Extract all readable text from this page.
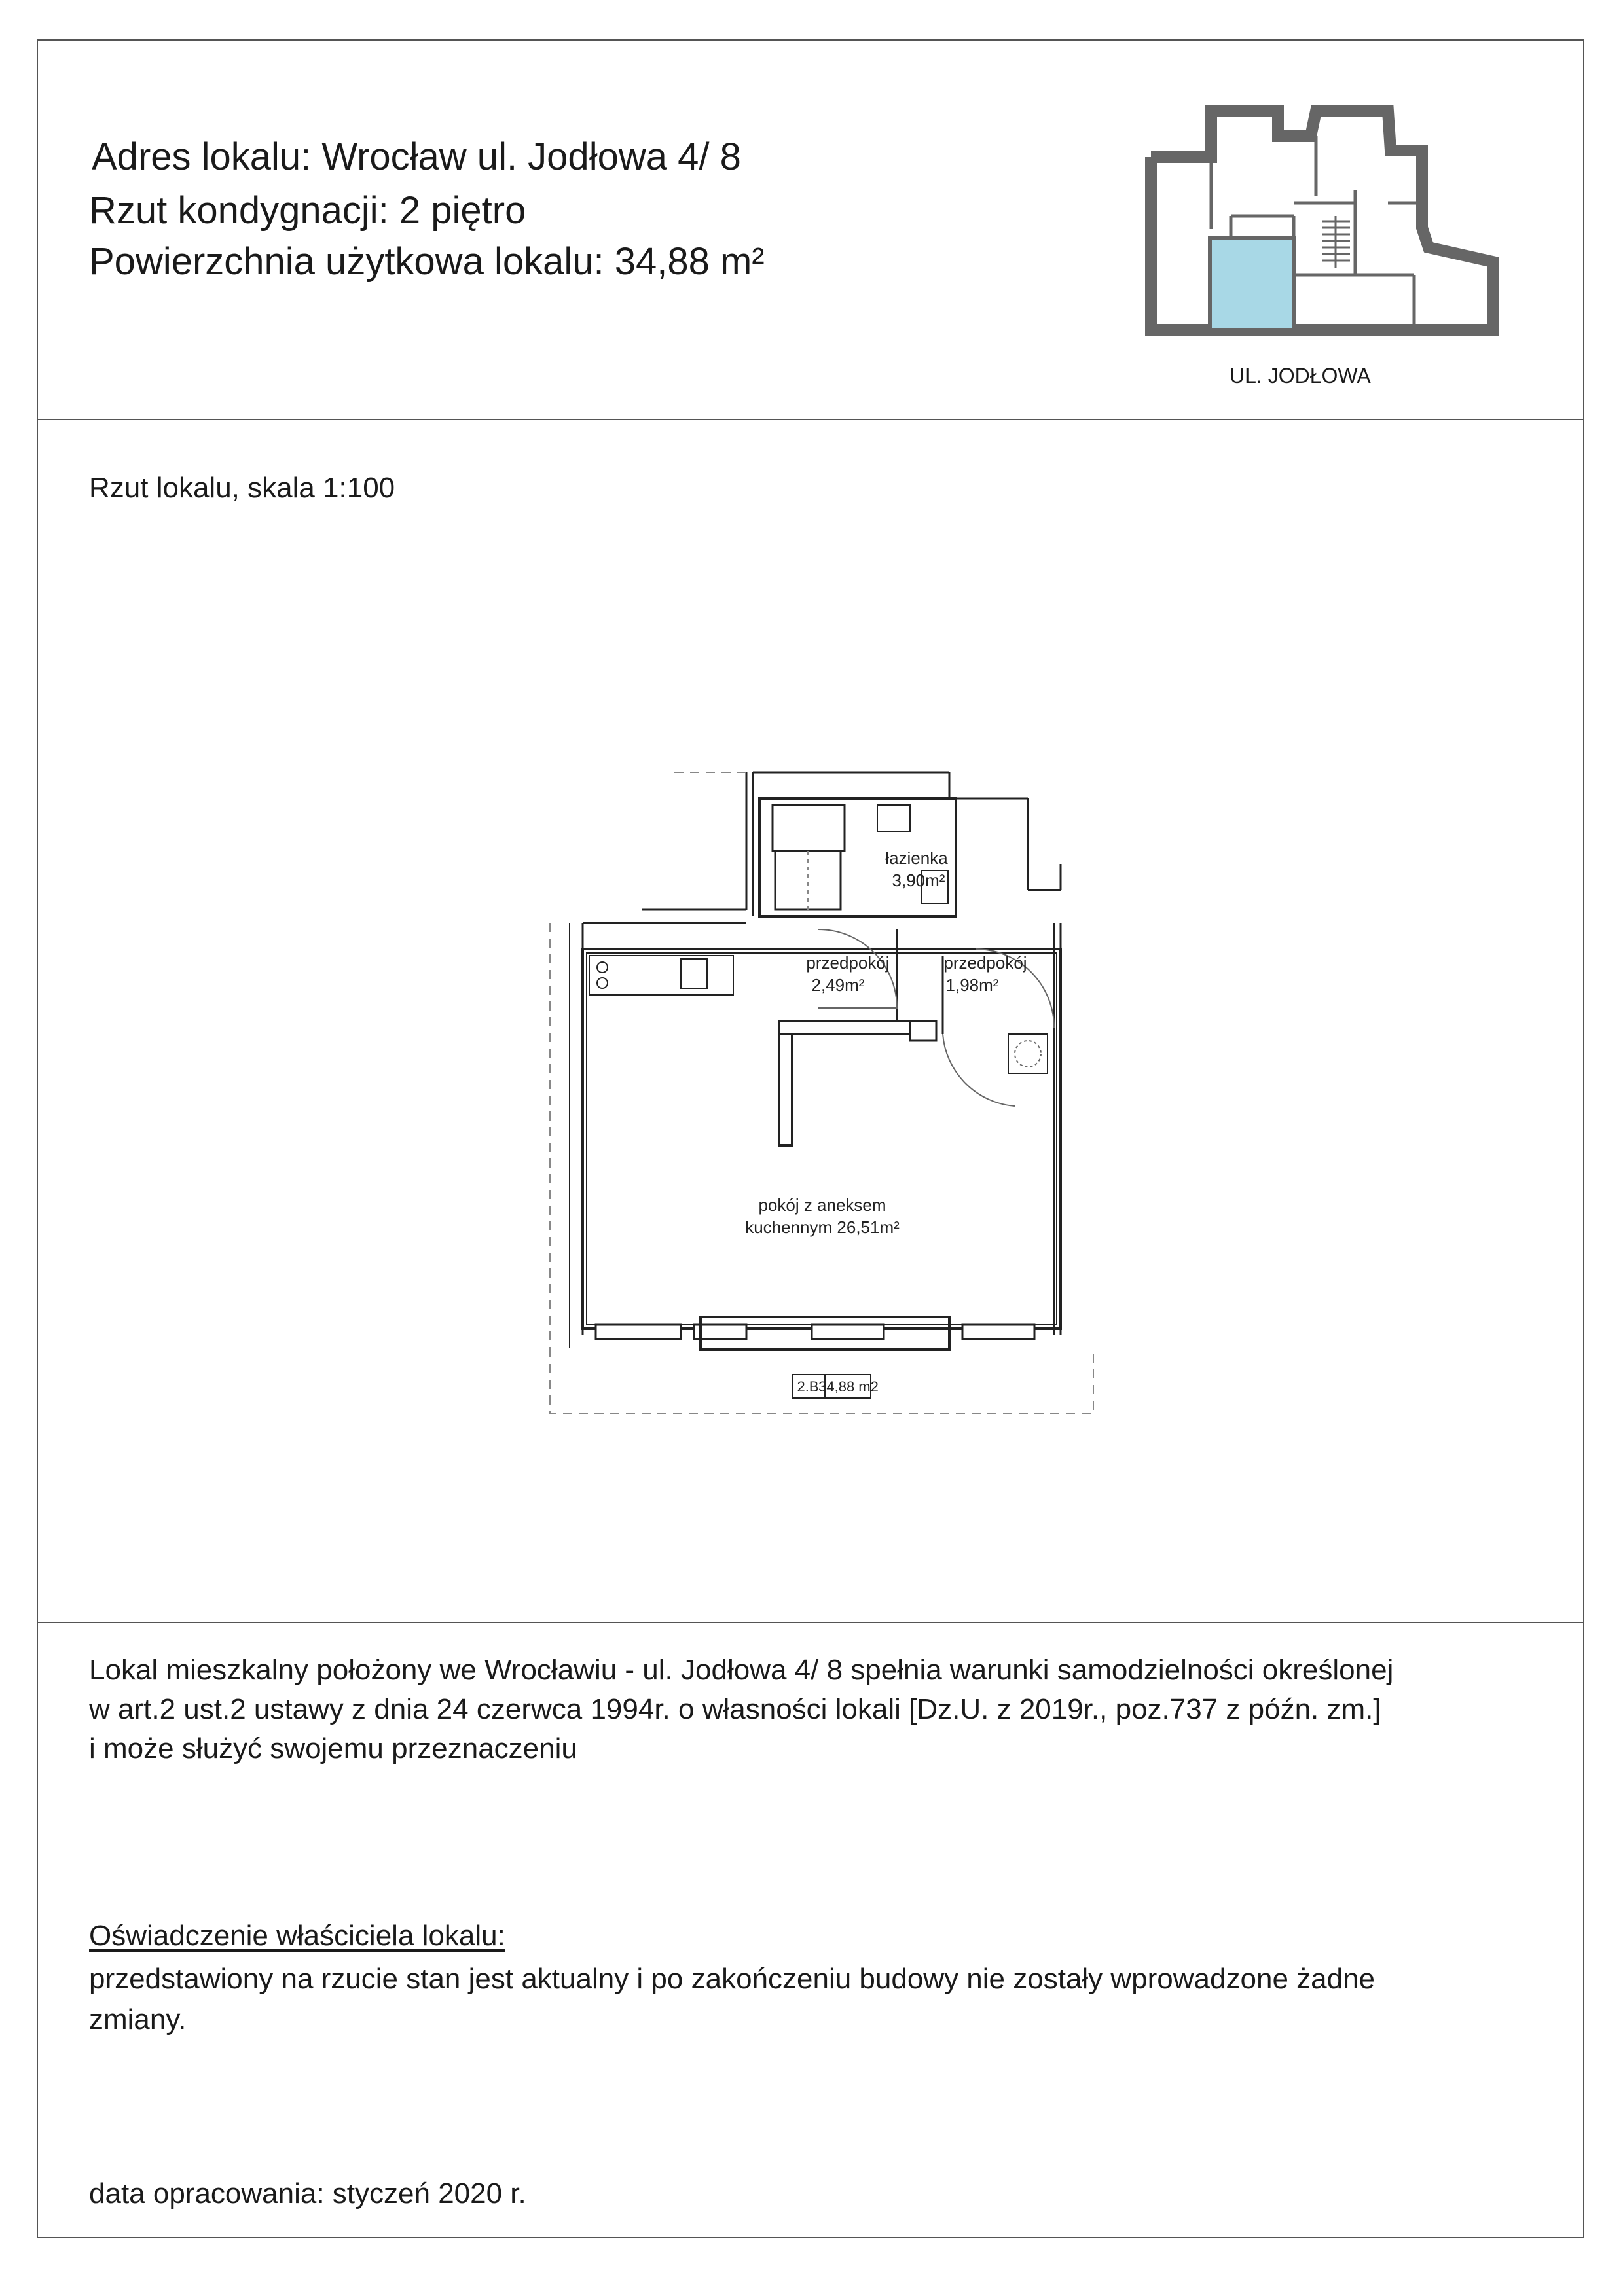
Adres lokalu: Wrocław ul. Jodłowa 4/ 8
Rzut kondygnacji: 2 piętro
Powierzchnia użytkowa lokalu: 34,88 m²
UL. JODŁOWA
Rzut lokalu, skala 1:100
2.B 34,88 m2
łazienka
3,90m²
przedpokój
2,49m²
przedpokój
1,98m²
pokój z aneksem
kuchennym 26,51m²
Lokal mieszkalny położony we Wrocławiu - ul. Jodłowa 4/ 8 spełnia warunki samodzielności określonej
w art.2 ust.2 ustawy z dnia 24 czerwca 1994r. o własności lokali [Dz.U. z 2019r., poz.737 z późn. zm.]
i może służyć swojemu przeznaczeniu
Oświadczenie właściciela lokalu:
przedstawiony na rzucie stan jest aktualny i po zakończeniu budowy nie zostały wprowadzone żadne
zmiany.
data opracowania: styczeń 2020 r.
